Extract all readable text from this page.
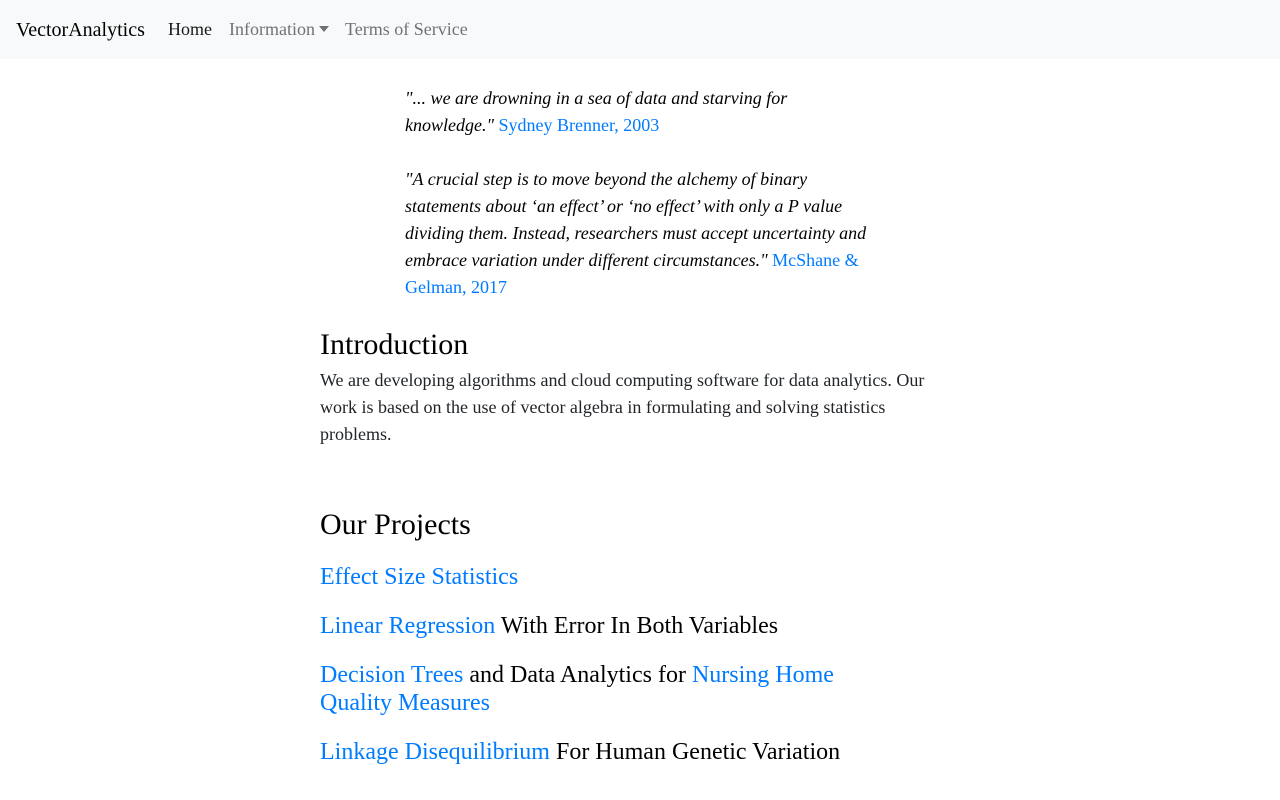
VectorAnalytics Home Information	Terms of Service

"... we are drowning in a sea of data and starving for knowledge." Sydney Brenner, 2003

"A crucial step is to move beyond the alchemy of binary statements about ‘an effect’ or ‘no effect’ with only a P value dividing them. Instead, researchers must accept uncertainty and embrace variation under different circumstances." McShane & Gelman, 2017

Introduction

We are developing algorithms and cloud computing software for data analytics. Our work is based on the use of vector algebra in formulating and solving statistics problems.

Our Projects
Effect Size Statistics
Linear Regression With Error In Both Variables
Decision Trees and Data Analytics for Nursing Home Quality Measures
Linkage Disequilibrium For Human Genetic Variation
